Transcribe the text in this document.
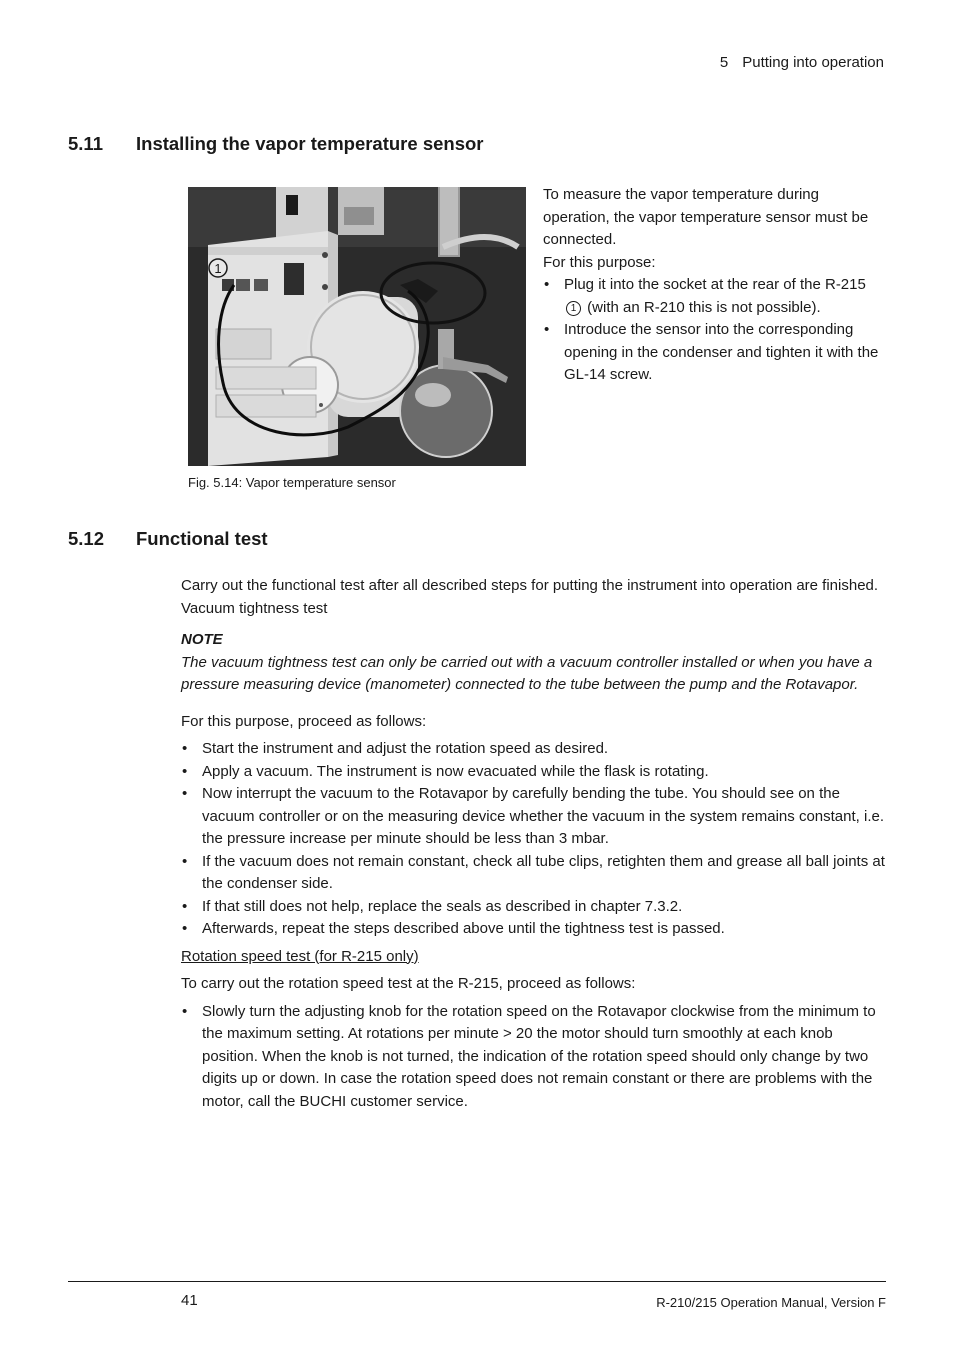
5 Putting into operation
5.11 Installing the vapor temperature sensor
1
Fig. 5.14: Vapor temperature sensor

To measure the vapor temperature during operation, the vapor temperature sensor must be connected.

For this purpose:

• Plug it into the socket at the rear of the R-215 1 (with an R-210 this is not possible).
• Introduce the sensor into the corresponding opening in the condenser and tighten it with the GL-14 screw.
5.12 Functional test

Carry out the functional test after all described steps for putting the instrument into operation are finished.

Vacuum tightness test

NOTE

The vacuum tightness test can only be carried out with a vacuum controller installed or when you have a pressure measuring device (manometer) connected to the tube between the pump and the Rotavapor.

For this purpose, proceed as follows:

• Start the instrument and adjust the rotation speed as desired.
• Apply a vacuum. The instrument is now evacuated while the flask is rotating.
• Now interrupt the vacuum to the Rotavapor by carefully bending the tube. You should see on the vacuum controller or on the measuring device whether the vacuum in the system remains constant, i.e. the pressure increase per minute should be less than 3 mbar.
• If the vacuum does not remain constant, check all tube clips, retighten them and grease all ball joints at the condenser side.
• If that still does not help, replace the seals as described in chapter 7.3.2.
• Afterwards, repeat the steps described above until the tightness test is passed.

Rotation speed test (for R-215 only)

To carry out the rotation speed test at the R-215, proceed as follows:

• Slowly turn the adjusting knob for the rotation speed on the Rotavapor clockwise from the minimum to the maximum setting. At rotations per minute > 20 the motor should turn smoothly at each knob position. When the knob is not turned, the indication of the rotation speed should only change by two digits up or down. In case the rotation speed does not remain constant or there are problems with the motor, call the BUCHI customer service.
41	R-210/215 Operation Manual, Version F
